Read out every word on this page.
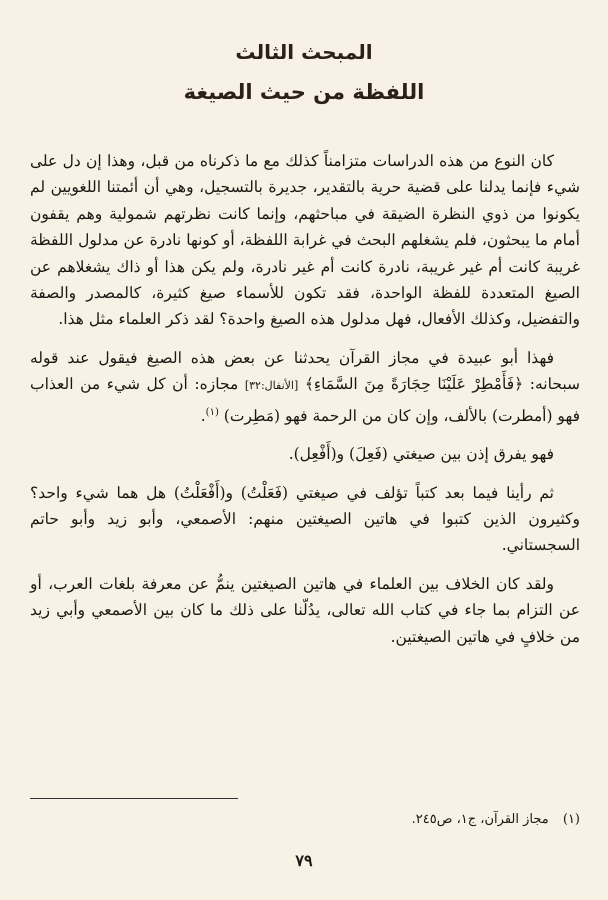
المبحث الثالث
اللفظة من حيث الصيغة

كان النوع من هذه الدراسات متزامناً كذلك مع ما ذكرناه من قبل، وهذا إن دل على شيء فإنما يدلنا على قضية حرية بالتقدير، جديرة بالتسجيل، وهي أن أئمتنا اللغويين لم يكونوا من ذوي النظرة الضيقة في مباحثهم، وإنما كانت نظرتهم شمولية وهم يقفون أمام ما يبحثون، فلم يشغلهم البحث في غرابة اللفظة، أو كونها نادرة عن مدلول اللفظة غريبة كانت أم غير غريبة، نادرة كانت أم غير نادرة، ولم يكن هذا أو ذاك يشغلاهم عن الصيغ المتعددة للفظة الواحدة، فقد تكون للأسماء صيغ كثيرة، كالمصدر والصفة والتفضيل، وكذلك الأفعال، فهل مدلول هذه الصيغ واحدة؟ لقد ذكر العلماء مثل هذا.

فهذا أبو عبيدة في مجاز القرآن يحدثنا عن بعض هذه الصيغ فيقول عند قوله سبحانه: ﴿فَأَمْطِرْ عَلَيْنَا حِجَارَةً مِنَ السَّمَاءِ﴾ [الأنفال:٣٢] مجازه: أن كل شيء من العذاب فهو (أمطرت) بالألف، وإن كان من الرحمة فهو (مَطِرت) $^{(١)}$.

فهو يفرق إذن بين صيغتي (فَعِلَ) و(أَفْعِل).

ثم رأينا فيما بعد كتباً تؤلف في صيغتي (فَعَلْتُ) و(أَفْعَلْتُ) هل هما شيء واحد؟ وكثيرون الذين كتبوا في هاتين الصيغتين منهم: الأصمعي، وأبو زيد وأبو حاتم السجستاني.

ولقد كان الخلاف بين العلماء في هاتين الصيغتين ينمُّ عن معرفة بلغات العرب، أو عن التزام بما جاء في كتاب الله تعالى، يدُلّنا على ذلك ما كان بين الأصمعي وأبي زيد من خلافٍ في هاتين الصيغتين.

(١) مجاز القرآن، ج١، ص٢٤٥.
٧٩
